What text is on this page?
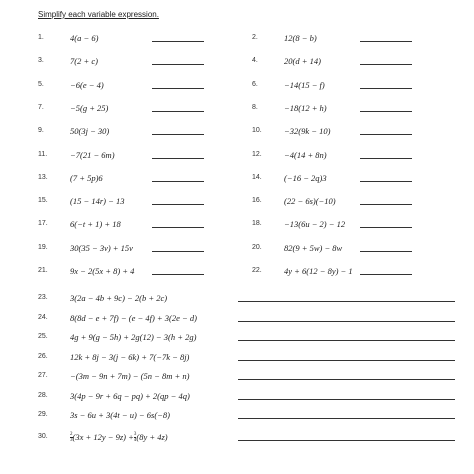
Simplify each variable expression.
1.	4(a − 6)	2.	12(8 − b)
3.	7(2 + c)	4.	20(d + 14)
5.	−6(e − 4)	6.	−14(15 − f)
7.	−5(g + 25)	8.	−18(12 + h)
9.	50(3j − 30)	10.	−32(9k − 10)
11.	−7(21 − 6m)	12.	−4(14 + 8n)
13.	(7 + 5p)6	14.	(−16 − 2q)3
15.	(15 − 14r) − 13	16.	(22 − 6s)(−10)
17.	6(−t + 1) + 18	18.	−13(6u − 2) − 12
19.	30(35 − 3v) + 15v	20.	82(9 + 5w) − 8w
21.	9x − 2(5x + 8) + 4	22.	4y + 6(12 − 8y) − 1
23.	3(2a − 4b + 9c) − 2(b + 2c)
24.	8(8d − e + 7f) − (e − 4f) + 3(2e − d)
25.	4g + 9(g − 5h) + 2g(12) − 3(h + 2g)
26.	12k + 8j − 3(j − 6k) + 7(−7k − 8j)
27.	−(3m − 9n + 7m) − (5n − 8m + n)
28.	3(4p − 9r + 6q − pq) + 2(qp − 4q)
29.	3s − 6u + 3(4t − u) − 6s(−8)
30.	$\frac{2}{3} (3x + 12y - 9z) + \frac{3}{4} (8y + 4z)$
